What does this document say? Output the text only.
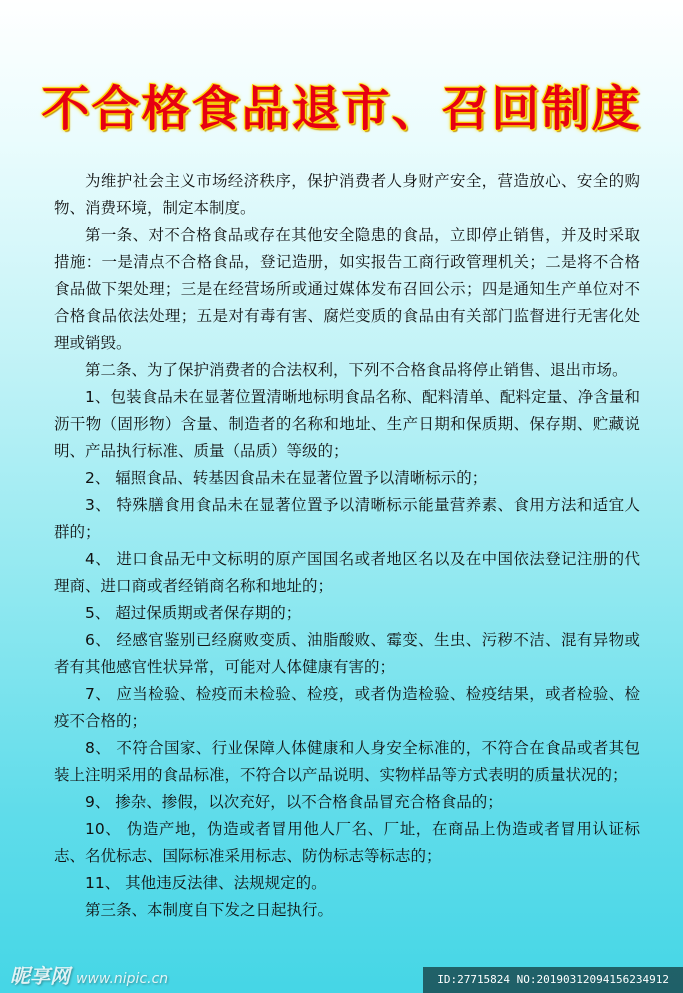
不合格食品退市、召回制度

为维护社会主义市场经济秩序，保护消费者人身财产安全，营造放心、安全的购物、消费环境，制定本制度。

第一条、对不合格食品或存在其他安全隐患的食品，立即停止销售，并及时采取措施：一是清点不合格食品，登记造册，如实报告工商行政管理机关；二是将不合格食品做下架处理；三是在经营场所或通过媒体发布召回公示；四是通知生产单位对不合格食品依法处理；五是对有毒有害、腐烂变质的食品由有关部门监督进行无害化处理或销毁。

第二条、为了保护消费者的合法权利，下列不合格食品将停止销售、退出市场。

1、包装食品未在显著位置清晰地标明食品名称、配料清单、配料定量、净含量和沥干物（固形物）含量、制造者的名称和地址、生产日期和保质期、保存期、贮藏说明、产品执行标准、质量（品质）等级的；

2、 辐照食品、转基因食品未在显著位置予以清晰标示的；

3、 特殊膳食用食品未在显著位置予以清晰标示能量营养素、食用方法和适宜人群的；

4、 进口食品无中文标明的原产国国名或者地区名以及在中国依法登记注册的代理商、进口商或者经销商名称和地址的；

5、 超过保质期或者保存期的；

6、 经感官鉴别已经腐败变质、油脂酸败、霉变、生虫、污秽不洁、混有异物或者有其他感官性状异常，可能对人体健康有害的；

7、 应当检验、检疫而未检验、检疫，或者伪造检验、检疫结果，或者检验、检疫不合格的；

8、 不符合国家、行业保障人体健康和人身安全标准的，不符合在食品或者其包装上注明采用的食品标准，不符合以产品说明、实物样品等方式表明的质量状况的；

9、 掺杂、掺假，以次充好，以不合格食品冒充合格食品的；

10、 伪造产地，伪造或者冒用他人厂名、厂址，在商品上伪造或者冒用认证标志、名优标志、国际标准采用标志、防伪标志等标志的；

11、 其他违反法律、法规规定的。

第三条、本制度自下发之日起执行。

昵享网 www.nipic.cn	ID:27715824 NO:20190312094156234912
